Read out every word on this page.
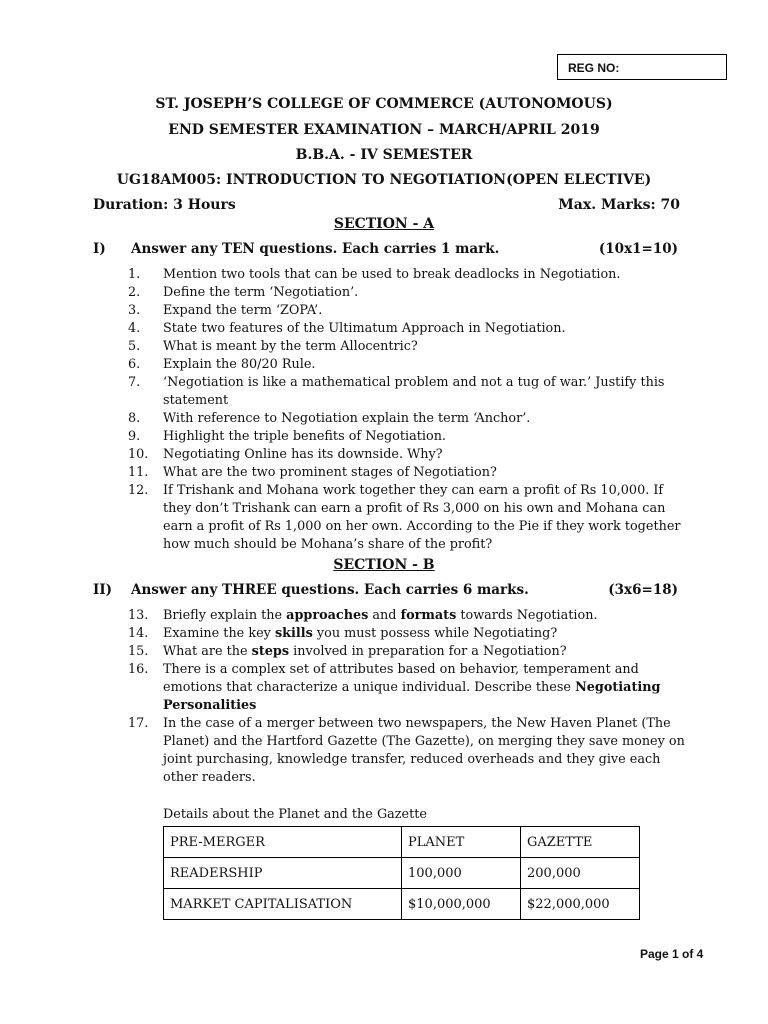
REG NO:
ST. JOSEPH’S COLLEGE OF COMMERCE (AUTONOMOUS)
END SEMESTER EXAMINATION – MARCH/APRIL 2019
B.B.A. - IV SEMESTER
UG18AM005: INTRODUCTION TO NEGOTIATION(OPEN ELECTIVE)
Duration: 3 Hours	Max. Marks: 70
SECTION - A
I)	Answer any TEN questions. Each carries 1 mark.	(10x1=10)
1.	Mention two tools that can be used to break deadlocks in Negotiation.
2.	Define the term ‘Negotiation’.
3.	Expand the term ‘ZOPA’.
4.	State two features of the Ultimatum Approach in Negotiation.
5.	What is meant by the term Allocentric?
6.	Explain the 80/20 Rule.
7.	‘Negotiation is like a mathematical problem and not a tug of war.’ Justify this statement
8.	With reference to Negotiation explain the term ‘Anchor’.
9.	Highlight the triple benefits of Negotiation.
10.	Negotiating Online has its downside. Why?
11.	What are the two prominent stages of Negotiation?
12.	If Trishank and Mohana work together they can earn a profit of Rs 10,000. If they don’t Trishank can earn a profit of Rs 3,000 on his own and Mohana can earn a profit of Rs 1,000 on her own. According to the Pie if they work together how much should be Mohana’s share of the profit?
SECTION - B
II)	Answer any THREE questions. Each carries 6 marks.	(3x6=18)
13.	Briefly explain the approaches and formats towards Negotiation.
14.	Examine the key skills you must possess while Negotiating?
15.	What are the steps involved in preparation for a Negotiation?
16.	There is a complex set of attributes based on behavior, temperament and emotions that characterize a unique individual. Describe these Negotiating Personalities
17.	In the case of a merger between two newspapers, the New Haven Planet (The Planet) and the Hartford Gazette (The Gazette), on merging they save money on joint purchasing, knowledge transfer, reduced overheads and they give each other readers.
Details about the Planet and the Gazette
PRE-MERGER	PLANET	GAZETTE
READERSHIP	100,000	200,000
MARKET CAPITALISATION	$10,000,000	$22,000,000
Page 1 of 4
